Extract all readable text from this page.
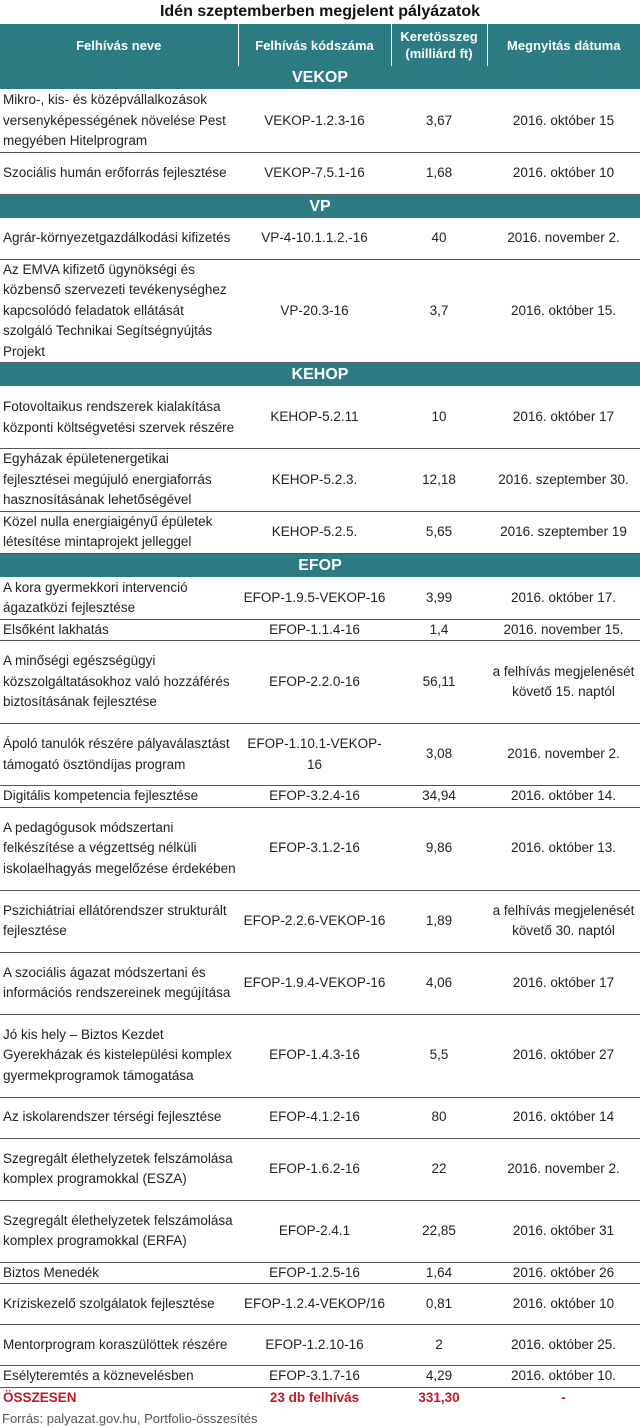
Idén szeptemberben megjelent pályázatok
Felhívás neve	Felhívás kódszáma	Keretösszeg (milliárd ft)	Megnyitás dátuma
VEKOP			
Mikro-, kis- és középvállalkozások versenyképességének növelése Pest megyében Hitelprogram	VEKOP-1.2.3-16	3,67	2016. október 15
Szociális humán erőforrás fejlesztése	VEKOP-7.5.1-16	1,68	2016. október 10
VP			
Agrár-környezetgazdálkodási kifizetés	VP-4-10.1.1.2.-16	40	2016. november 2.
Az EMVA kifizető ügynökségi és közbenső szervezeti tevékenységhez kapcsolódó feladatok ellátását szolgáló Technikai Segítségnyújtás Projekt	VP-20.3-16	3,7	2016. október 15.
KEHOP			
Fotovoltaikus rendszerek kialakítása központi költségvetési szervek részére	KEHOP-5.2.11	10	2016. október 17
Egyházak épületenergetikai fejlesztései megújuló energiaforrás hasznosításának lehetőségével	KEHOP-5.2.3.	12,18	2016. szeptember 30.
Közel nulla energiaigényű épületek létesítése mintaprojekt jelleggel	KEHOP-5.2.5.	5,65	2016. szeptember 19
EFOP			
A kora gyermekkori intervenció ágazatközi fejlesztése	EFOP-1.9.5-VEKOP-16	3,99	2016. október 17.
Elsőként lakhatás	EFOP-1.1.4-16	1,4	2016. november 15.
A minőségi egészségügyi közszolgáltatásokhoz való hozzáférés biztosításának fejlesztése	EFOP-2.2.0-16	56,11	a felhívás megjelenését követő 15. naptól
Ápoló tanulók részére pályaválasztást támogató ösztöndíjas program	EFOP-1.10.1-VEKOP-16	3,08	2016. november 2.
Digitális kompetencia fejlesztése	EFOP-3.2.4-16	34,94	2016. október 14.
A pedagógusok módszertani felkészítése a végzettség nélküli iskolaelhagyás megelőzése érdekében	EFOP-3.1.2-16	9,86	2016. október 13.
Pszichiátriai ellátórendszer strukturált fejlesztése	EFOP-2.2.6-VEKOP-16	1,89	a felhívás megjelenését követő 30. naptól
A szociális ágazat módszertani és információs rendszereinek megújítása	EFOP-1.9.4-VEKOP-16	4,06	2016. október 17
Jó kis hely – Biztos Kezdet Gyerekházak és kistelepülési komplex gyermekprogramok támogatása	EFOP-1.4.3-16	5,5	2016. október 27
Az iskolarendszer térségi fejlesztése	EFOP-4.1.2-16	80	2016. október 14
Szegregált élethelyzetek felszámolása komplex programokkal (ESZA)	EFOP-1.6.2-16	22	2016. november 2.
Szegregált élethelyzetek felszámolása komplex programokkal (ERFA)	EFOP-2.4.1	22,85	2016. október 31
Biztos Menedék	EFOP-1.2.5-16	1,64	2016. október 26
Kríziskezelő szolgálatok fejlesztése	EFOP-1.2.4-VEKOP/16	0,81	2016. október 10
Mentorprogram koraszülöttek részére	EFOP-1.2.10-16	2	2016. október 25.
Esélyteremtés a köznevelésben	EFOP-3.1.7-16	4,29	2016. október 10.
ÖSSZESEN	23 db felhívás	331,30	-
Forrás: palyazat.gov.hu, Portfolio-összesítés
